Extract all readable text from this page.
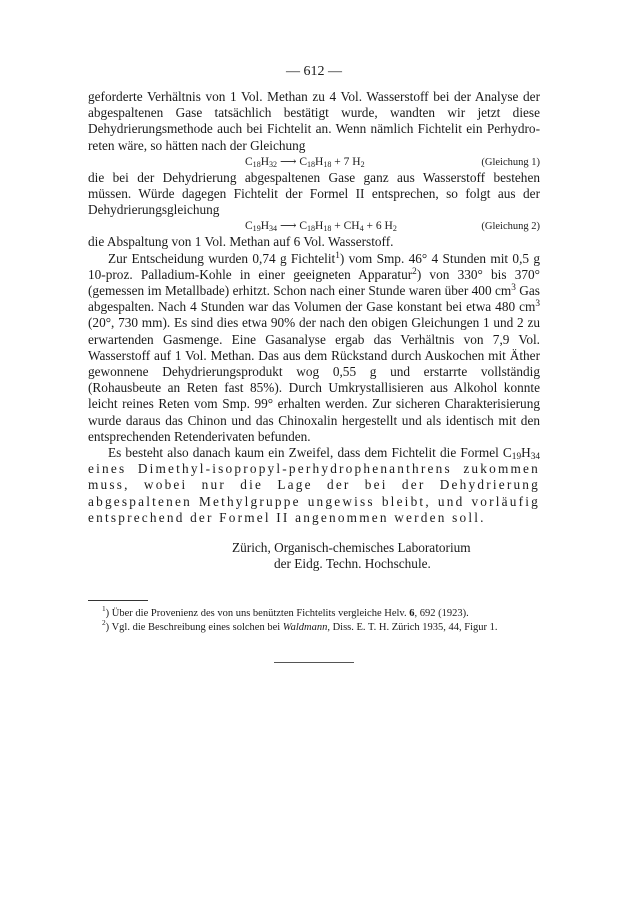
— 612 —

geforderte Verhältnis von 1 Vol. Methan zu 4 Vol. Wasserstoff bei der Analyse der abgespaltenen Gase tatsächlich bestätigt wurde, wandten wir jetzt diese Dehydrierungsmethode auch bei Fichtelit an. Wenn nämlich Fichtelit ein Perhydro-reten wäre, so hätten nach der Gleichung

$C_{18}H_{32}$ ⟶ $C_{18}H_{18} + 7$ $H_2$	(Gleichung 1)

die bei der Dehydrierung abgespaltenen Gase ganz aus Wasserstoff bestehen müssen. Würde dagegen Fichtelit der Formel II entsprechen, so folgt aus der Dehydrierungsgleichung

$C_{19}H_{34}$ ⟶ $C_{18}H_{18} + CH_4 + 6$ $H_2$	(Gleichung 2)

die Abspaltung von 1 Vol. Methan auf 6 Vol. Wasserstoff.

Zur Entscheidung wurden 0,74 g Fichtelit$^1$) vom Smp. 46° 4 Stunden mit 0,5 g 10-proz. Palladium-Kohle in einer geeigneten Apparatur$^2$) von 330° bis 370° (gemessen im Metallbade) erhitzt. Schon nach einer Stunde waren über 400 $cm^3$ Gas abgespalten. Nach 4 Stunden war das Volumen der Gase konstant bei etwa 480 $cm^3$ (20°, 730 mm). Es sind dies etwa 90% der nach den obigen Gleichungen 1 und 2 zu erwartenden Gasmenge. Eine Gasanalyse ergab das Verhältnis von 7,9 Vol. Wasserstoff auf 1 Vol. Methan. Das aus dem Rückstand durch Auskochen mit Äther gewonnene Dehydrierungsprodukt wog 0,55 g und erstarrte vollständig (Rohausbeute an Reten fast 85%). Durch Umkrystallisieren aus Alkohol konnte leicht reines Reten vom Smp. 99° erhalten werden. Zur sicheren Charakterisierung wurde daraus das Chinon und das Chinoxalin hergestellt und als identisch mit den entsprechenden Retenderivaten befunden.

Es besteht also danach kaum ein Zweifel, dass dem Fichtelit die Formel $C_{19}H_{34}$ eines Dimethyl-isopropyl-perhydrophenanthrens zukommen muss, wobei nur die Lage der bei der Dehydrierung abgespaltenen Methylgruppe ungewiss bleibt, und vorläufig entsprechend der Formel II angenommen werden soll.

Zürich, Organisch-chemisches Laboratorium
der Eidg. Techn. Hochschule.

$^1$) Über die Provenienz des von uns benützten Fichtelits vergleiche Helv. 6, 692 (1923).

$^2$) Vgl. die Beschreibung eines solchen bei Waldmann, Diss. E. T. H. Zürich 1935, 44, Figur 1.
